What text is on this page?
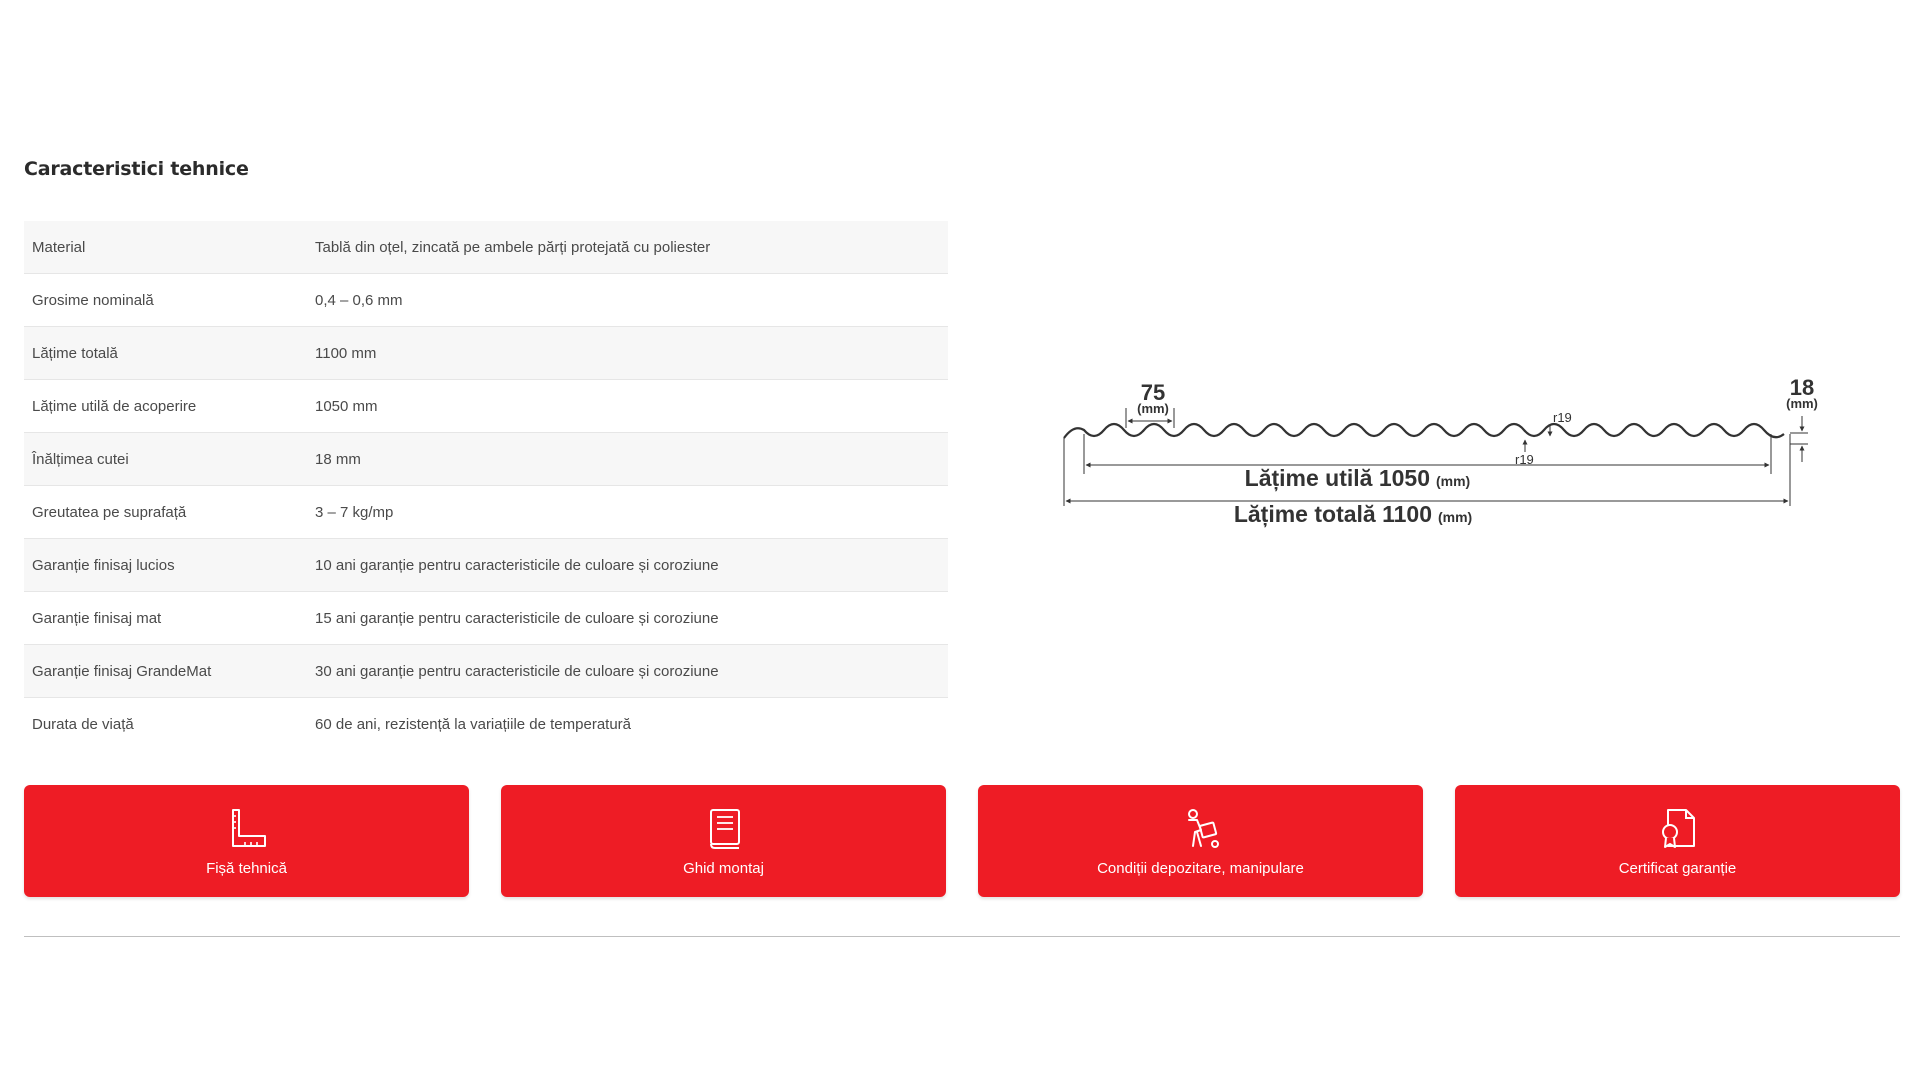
Caracteristici tehnice
Material	Tablă din oțel, zincată pe ambele părți protejată cu poliester
Grosime nominală	0,4 – 0,6 mm
Lățime totală	1100 mm
Lățime utilă de acoperire	1050 mm
Înălțimea cutei	18 mm
Greutatea pe suprafață	3 – 7 kg/mp
Garanție finisaj lucios	10 ani garanție pentru caracteristicile de culoare și coroziune
Garanție finisaj mat	15 ani garanție pentru caracteristicile de culoare și coroziune
Garanție finisaj GrandeMat	30 ani garanție pentru caracteristicile de culoare și coroziune
Durata de viață	60 de ani, rezistență la variațiile de temperatură
75
(mm)
18
(mm)
r19
r19
Lățime utilă 1050 (mm)
Lățime totală 1100 (mm)
Fișă tehnică	Ghid montaj	Condiții depozitare, manipulare	Certificat garanție
